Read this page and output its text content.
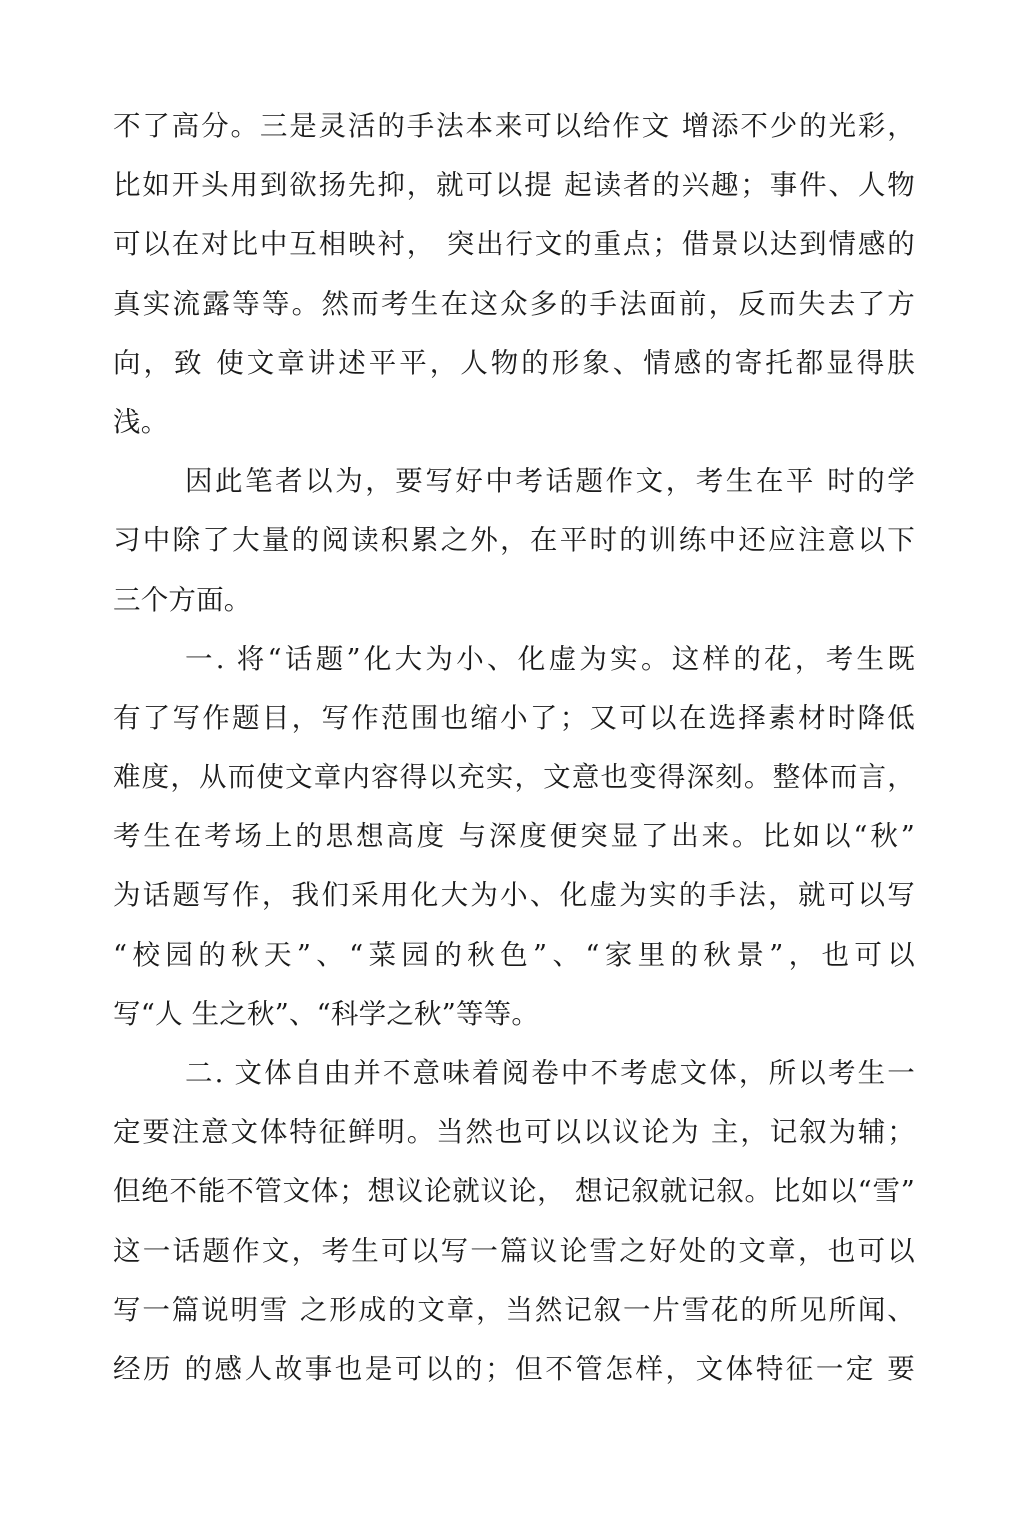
不了高分。三是灵活的手法本来可以给作文 增添不少的光彩，
比如开头用到欲扬先抑，就可以提 起读者的兴趣；事件、人物
可以在对比中互相映衬， 突出行文的重点；借景以达到情感的
真实流露等等。然而考生在这众多的手法面前，反而失去了方
向，致 使文章讲述平平，人物的形象、情感的寄托都显得肤
浅。
因此笔者以为，要写好中考话题作文，考生在平 时的学
习中除了大量的阅读积累之外，在平时的训练中还应注意以下
三个方面。
一. 将“话题”化大为小、化虚为实。这样的花，考生既
有了写作题目，写作范围也缩小了；又可以在选择素材时降低
难度，从而使文章内容得以充实，文意也变得深刻。整体而言，
考生在考场上的思想高度 与深度便突显了出来。比如以“秋”
为话题写作，我们采用化大为小、化虚为实的手法，就可以写
“校园的秋天”、“菜园的秋色”、“家里的秋景”，也可以
写“人 生之秋”、“科学之秋”等等。
二. 文体自由并不意味着阅卷中不考虑文体，所以考生一
定要注意文体特征鲜明。当然也可以以议论为 主，记叙为辅；
但绝不能不管文体；想议论就议论， 想记叙就记叙。比如以“雪”
这一话题作文，考生可以写一篇议论雪之好处的文章，也可以
写一篇说明雪 之形成的文章，当然记叙一片雪花的所见所闻、
经历 的感人故事也是可以的；但不管怎样，文体特征一定 要
